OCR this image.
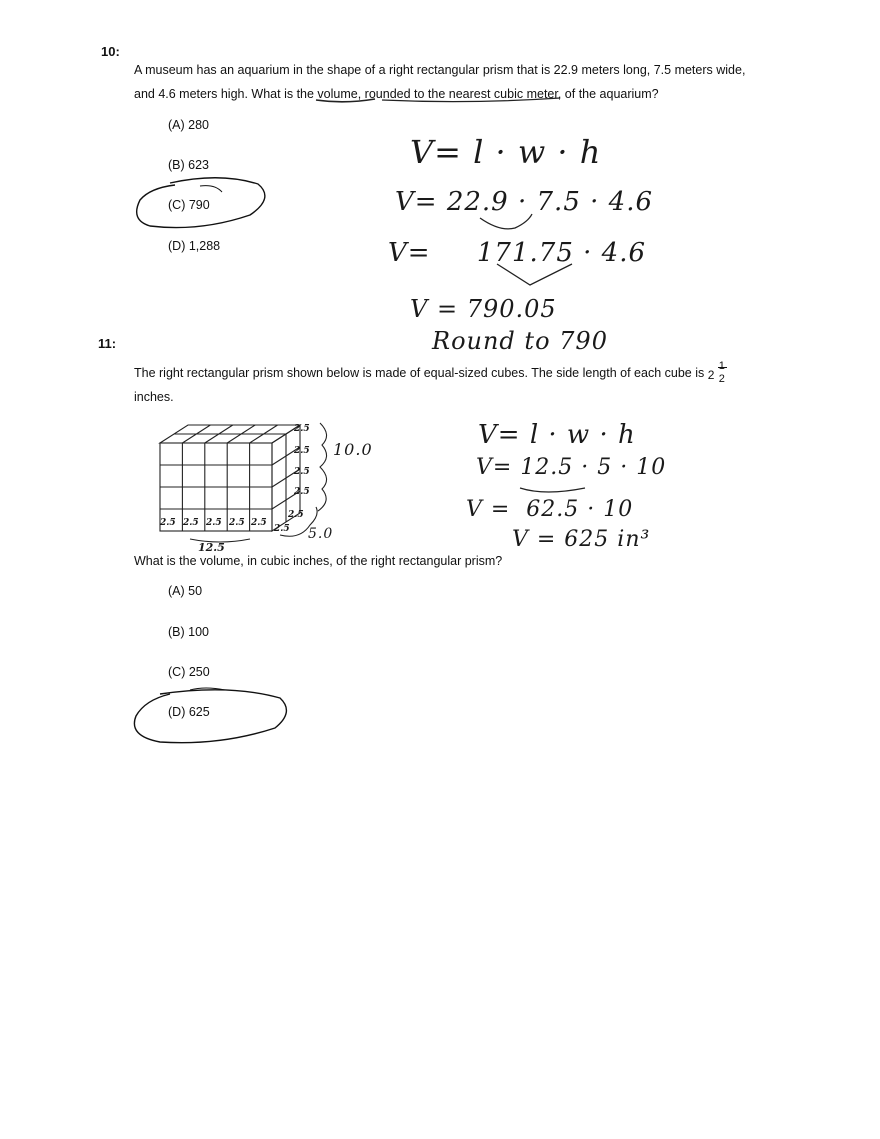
10:
A museum has an aquarium in the shape of a right rectangular prism that is 22.9 meters long, 7.5 meters wide,
and 4.6 meters high. What is the volume, rounded to the nearest cubic meter, of the aquarium?
(A) 280
(B) 623
(C) 790
(D) 1,288
V= l · w · h
V= 22.9 · 7.5 · 4.6
V=     171.75 · 4.6
V = 790.05
Round to 790
11:
The right rectangular prism shown below is made of equal-sized cubes. The side length of each cube is 2
1
2
inches.
2.5 2.5 2.5 2.5 2.5
12.5
2.5
2.5
2.5
2.5
10.0
2.5
2.5 5.0
V= l · w · h
V= 12.5 · 5 · 10
V =  62.5 · 10
V = 625 in³
What is the volume, in cubic inches, of the right rectangular prism?
(A) 50
(B) 100
(C) 250
(D) 625
